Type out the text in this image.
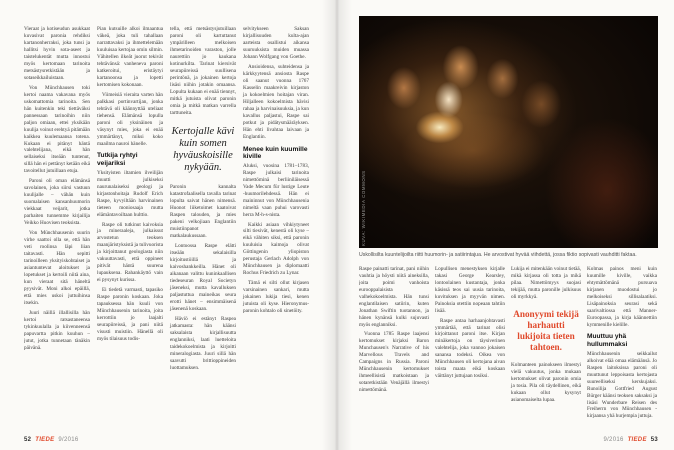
Vieraat ja kotiseudun asukkaat kuvasivat paronia rehdiksi kartanonherraksi, joka tunsi ja hallitsi hyvin sota-aseet ja taistelukentät mutta innostui myös kertomaan tarinoita metsästysretkistään ja sotaseikkailuistaan.

Von Münchhausen toki kertoi naama vakavana myös uskomattomia tarinoita. Sen hän kuitenkin teki tiettäväksi pannessaan tarinoihin niin paljon omiaan, ettei yksikään kuulija voinut erehtyä pitämään kaikkea kuulemaansa totena. Kukaan ei pitänyt häntä valehtelijana, eikä hän sellaiseksi itseään tuntenut, sillä hän ei pettänyt ketään eikä tavoitellut jutuillaan etuja.

Paroni oli oman elämänsä savolainen, joka siirsi vastuun kuulijalle – vähän kuin suomalaisen kansanhuumorin viekkaat veijarit, jotka parhaiten tunnemme kirjailija Veikko Huovisen teoksista.

Von Münchhausenin suurin virhe saattoi olla se, että hän veti roolinsa läpi liian taitavasti. Hän sepitti tarinoilleen yksityiskohtaiset ja asiantuntevat aloitukset ja lopetukset ja kertoili niitä aina, kun vieraat sitä häneltä pyysivät. Moni alkoi epäillä, että mies uskoi juttuihinsa itsekin.

Juuri näillä illallisilla hän kertoi ratsastaneensa tykinkuulalla ja kiivenneensä papuvartta pitkin kuuhun – jutut, jotka tunnetaan tänäkin päivänä.

Pian kutsuille alkoi ilmaantua väkeä, joka tuli tahallaan narrattavaksi ja ihmettelemään kuuluisaa kertojaa omin silmin. Vähitellen ilkeät juorut tekivät tehtävänsä: vanheneva paroni katkeroitui, eristäytyi kartanoonsa ja lopetti kertomisen kokonaan.

Viimeisiä vieraita varten hän palkkasi portinvartijan, jonka tehtävä oli käännyttää uteliaat tiehensä. Elämänsä lopulla paroni oli yksinäinen ja väsynyt mies, joka ei enää ymmärtänyt, miksi koko maailma nauroi hänelle.

Tutkija ryhtyi veijariksi

Yksityisten iltamien ilveilijän muutti julkiseksi naurunalaiseksi geologi ja kirjastonhoitaja Rudolf Erich Raspe, kyvyiltään harvinainen tieteen moniosaaja mutta elämäntavoiltaan hulttio.

Raspe oli tutkinut kaivoksia ja mineraaleja, julkaissut arvostetun teoksen maanjäristyksistä ja tulivuorista ja kirjoittanut geologiasta niin vakuuttavasti, että oppineet pitivät häntä suurena lupauksena. Rahankäyttö vain ei pysynyt kurissa.

Ei tiedetä varmasti, tapasiko Raspe paronin koskaan. Joka tapauksessa hän kuuli von Münchhausenin tarinoita, joita kerrottiin jo laajalti seurapiireissä, ja pani niitä visusti muistiin. Hänellä oli myös tilaisuus todis-

tella, että metsästysjutuillaan paroni oli kartuttanut ympärilleen melkoisen ihmetarinoiden varaston, jolle naurettiin jo kaukana kotinurkilta. Tarinat kiersivät seurapiireissä suullisena perintönä, ja jokainen kertoja lisäsi niihin jotakin omaansa. Lopulta kukaan ei enää tiennyt, mitkä jutuista olivat paronin omia ja mitkä matkan varrella tarttuneita.

Kertojalle kävi kuin somen hyväuskoisille nykyään.

Paronin kannalta katastrofaalisella tavalla tarinat lopulta saivat hänen nimensä. Huonot liiketoimet kaatoivat Raspen talouden, ja mies pakeni velkojiaan Englantiin muistiinpanot matkalaukussaan.

Lontoossa Raspe elätti itseään sekalaisilla kirjoitustöillä ja kaivoshankkeilla. Hänet oli aikanaan valittu kuninkaallisen tiedeseuran Royal Societyn jäseneksi, mutta kavalluksen paljastuttua maineikas seura erotti hänet – ensimmäisenä jäsenenä koskaan.

Häviö ei estänyt Raspea jatkamasta: hän käänsi saksalaista kirjallisuutta englanniksi, laati luetteloita taidekokoelmista ja kirjoitti mineralogiasta. Juuri sillä hän saavutti brittioppineiden luottamuksen.

selvitykseen Saksan kirjallisuuden kulta-ajan aarteista osallistui aikansa suuruuksista muiden muassa Johann Wolfgang von Goethe.

Ansioidensa, suhteidensa ja kärkkyytensä ansiosta Raspe oli saanut vuonna 1767 Kasselin maakreivin kirjaston ja kokoelmien hoitajan viran. Hiljalleen kokoelmista hävisi rahaa ja harvinaisuuksia, ja kun kavallus paljastui, Raspe sai potkut ja pidätysmääräyksen. Hän ehti livahtaa laivaan ja Englantiin.

Menee kuin kuumille kiville

Aluksi, vuosina 1781–1783, Raspe julkaisi tarinoita nimettöminä berliiniläisessä Vade Mecum für lustige Leute -huumorilehdessä. Hän ei maininnut von Münchhausenia nimeltä vaan puhui varovasti herra M-h-s-nista.

Kaikki asiaan vihkiytyneet silti tiesivät, kenestä oli kyse – eikä vähiten siksi, että paronin kuuluisia kaimoja olivat Göttingenin yliopiston perustaja Gerlach Adolph von Münchhausen ja diplomaatti Rochus Friedrich zu Lynar.

Tämä ei silti ollut kirjasen varsinainen sankari, mutta jokainen lukija tiesi, kenen jutuista oli kyse. Hieronymus-paronin kohtalo oli sinetöity.

52 TIEDE 9/2016
KUVA: WIKIMEDIA COMMONS
Uskollisilta kuuntelijoilta riitti huumorin- ja satiirintajua. He arvostivat hyvää viihdettä, jossa fiktio sopivasti vauhditti faktaa.

Raspe painatti tarinat, pani niihin vauhtia ja höysti niitä aineksilla, joita poimi vanhoista eurooppalaisista valhekokoelmista. Hän tunsi englantilaisen satiirin, kuten Jonathan Swiftin tuotannon, ja hänen kynänsä kulki sujuvasti myös englanniksi.

Vuonna 1785 Raspe laajensi kertomukset kirjaksi Baron Munchausen's Narrative of his Marvellous Travels and Campaigns in Russia. Paroni Münchhausenin kertomukset ihmeellisistä matkoistaan ja sotaretkistään Venäjällä ilmestyi nimettömänä.

Lopullisen menestyksen kirjalle takasi George Kearsley, lontoolainen kustantaja, jonka käsissä teos sai uusia tarinoita, kuvituksen ja myyvän nimen. Painoksia otettiin nopeaan tahtiin lisää.

Raspe antaa harhaanjohtavasti ymmärtää, että tarinat olisi kirjoittanut paroni itse. Kirjan minäkertoja on täysiverinen valehtelija, joka vannoo jokaisen sanansa todeksi. Oikea von Münchhausen oli kertojana aivan toista maata eikä koskaan väittänyt juttujaan tosiksi.

Lukija ei mitenkään voinut tietää, mikä kirjassa oli totta ja mikä pilaa. Nimettömyys suojasi tekijää, mutta paronille julkisuus oli myrkkyä.

Anonyymi tekijä harhautti lukijoita tieten tahtoen.

Kolmanteen painokseen ilmestyi vielä vakuutus, jonka mukaan kertomukset olivat paronin omia ja tosia. Pila oli täydellinen, eikä kukaan ollut kysynyt asianomaiselta lupaa.

Kolmas painos meni kuin kuumille kiville, vaikka ehtymättömänä pursuava kirjanen muodostui jo melkoiseksi sillisalaatiksi. Lisäpainoksia seurasi sekä saarivaltiossa että Manner-Euroopassa, ja kirja käännettiin kymmenille kielille.

Muuttuu yhä hullummaksi

Münchhausenin seikkailut alkoivat elää omaa elämäänsä. Jo Raspen laitoksissa paroni oli muuttunut leppoisasta kertojasta suureelliseksi kerskujaksi. Runoilija Gottfried August Bürger käänsi teoksen saksaksi ja lisäsi Wunderbare Reisen des Freiherrn von Münchhausen -kirjaansa yhä hurjempia juttuja.

9/2016 TIEDE 53
